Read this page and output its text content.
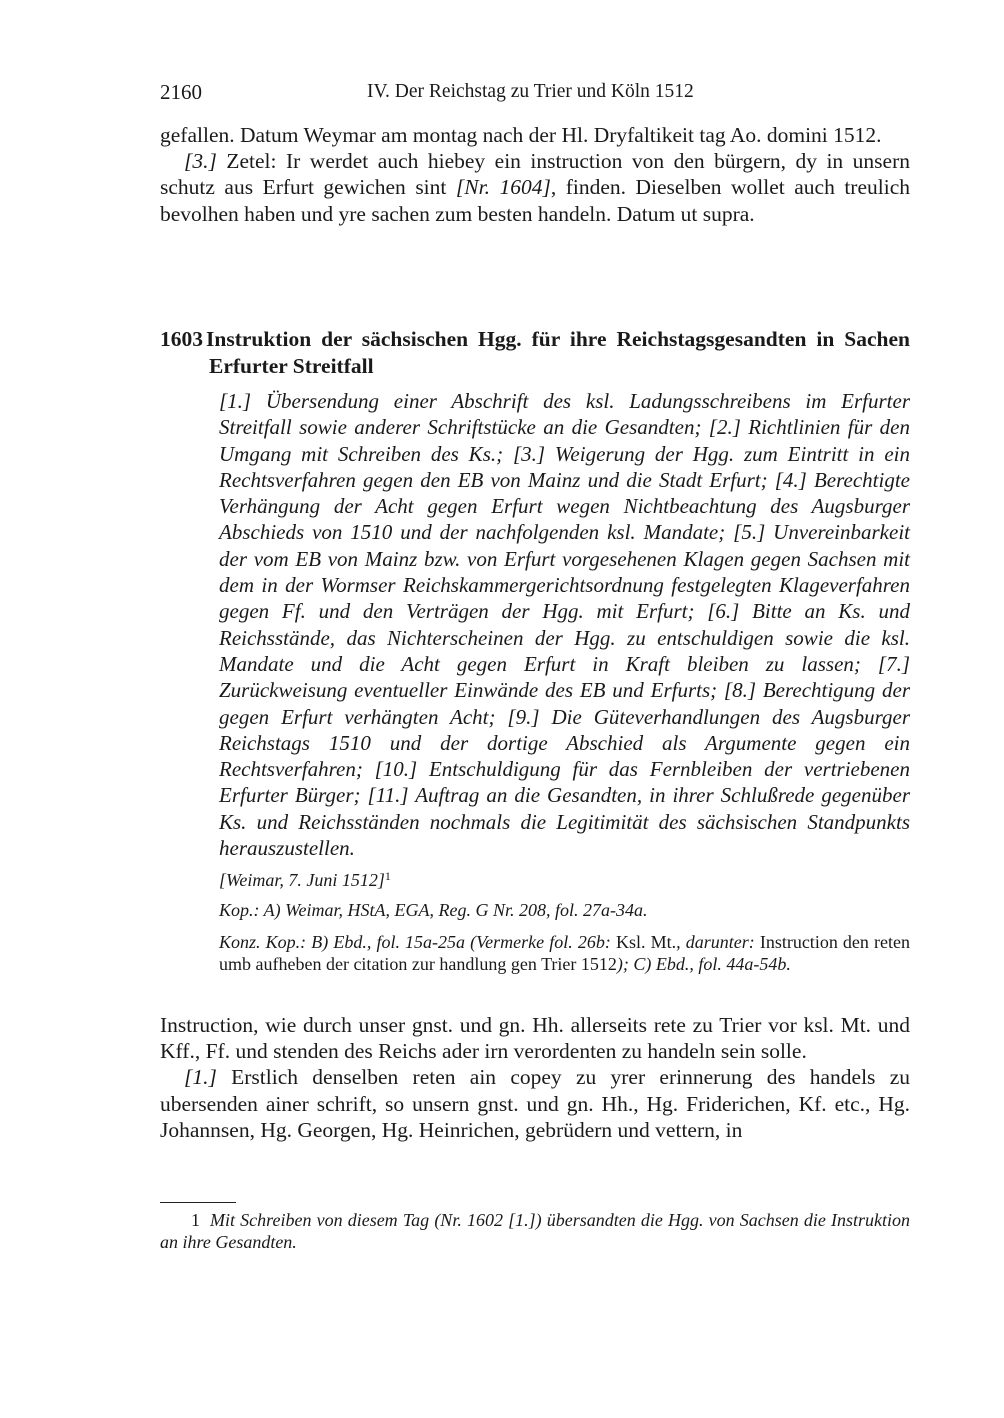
2160	IV. Der Reichstag zu Trier und Köln 1512

gefallen. Datum Weymar am montag nach der Hl. Dryfaltikeit tag Ao. domini 1512.

[3.] Zetel: Ir werdet auch hiebey ein instruction von den bürgern, dy in unsern schutz aus Erfurt gewichen sint [Nr. 1604], finden. Dieselben wollet auch treulich bevolhen haben und yre sachen zum besten handeln. Datum ut supra.

1603 Instruktion der sächsischen Hgg. für ihre Reichstagsgesandten in Sachen Erfurter Streitfall

[1.] Übersendung einer Abschrift des ksl. Ladungsschreibens im Erfurter Streitfall sowie anderer Schriftstücke an die Gesandten; [2.] Richtlinien für den Umgang mit Schreiben des Ks.; [3.] Weigerung der Hgg. zum Eintritt in ein Rechtsverfahren gegen den EB von Mainz und die Stadt Erfurt; [4.] Berechtigte Verhängung der Acht gegen Erfurt wegen Nichtbeachtung des Augsburger Abschieds von 1510 und der nachfolgenden ksl. Mandate; [5.] Unvereinbarkeit der vom EB von Mainz bzw. von Erfurt vorgesehenen Klagen gegen Sachsen mit dem in der Wormser Reichskammergerichtsordnung festgelegten Klageverfahren gegen Ff. und den Verträgen der Hgg. mit Erfurt; [6.] Bitte an Ks. und Reichsstände, das Nichterscheinen der Hgg. zu entschuldigen sowie die ksl. Mandate und die Acht gegen Erfurt in Kraft bleiben zu lassen; [7.] Zurückweisung eventueller Einwände des EB und Erfurts; [8.] Berechtigung der gegen Erfurt verhängten Acht; [9.] Die Güteverhandlungen des Augsburger Reichstags 1510 und der dortige Abschied als Argumente gegen ein Rechtsverfahren; [10.] Entschuldigung für das Fernbleiben der vertriebenen Erfurter Bürger; [11.] Auftrag an die Gesandten, in ihrer Schlußrede gegenüber Ks. und Reichsständen nochmals die Legitimität des sächsischen Standpunkts herauszustellen.

[Weimar, 7. Juni 1512]$^1$

Kop.: A) Weimar, HStA, EGA, Reg. G Nr. 208, fol. 27a-34a.

Konz. Kop.: B) Ebd., fol. 15a-25a (Vermerke fol. 26b: Ksl. Mt., darunter: Instruction den reten umb aufheben der citation zur handlung gen Trier 1512); C) Ebd., fol. 44a-54b.

Instruction, wie durch unser gnst. und gn. Hh. allerseits rete zu Trier vor ksl. Mt. und Kff., Ff. und stenden des Reichs ader irn verordenten zu handeln sein solle.

[1.] Erstlich denselben reten ain copey zu yrer erinnerung des handels zu ubersenden ainer schrift, so unsern gnst. und gn. Hh., Hg. Friderichen, Kf. etc., Hg. Johannsen, Hg. Georgen, Hg. Heinrichen, gebrüdern und vettern, in

1 Mit Schreiben von diesem Tag (Nr. 1602 [1.]) übersandten die Hgg. von Sachsen die Instruktion an ihre Gesandten.
